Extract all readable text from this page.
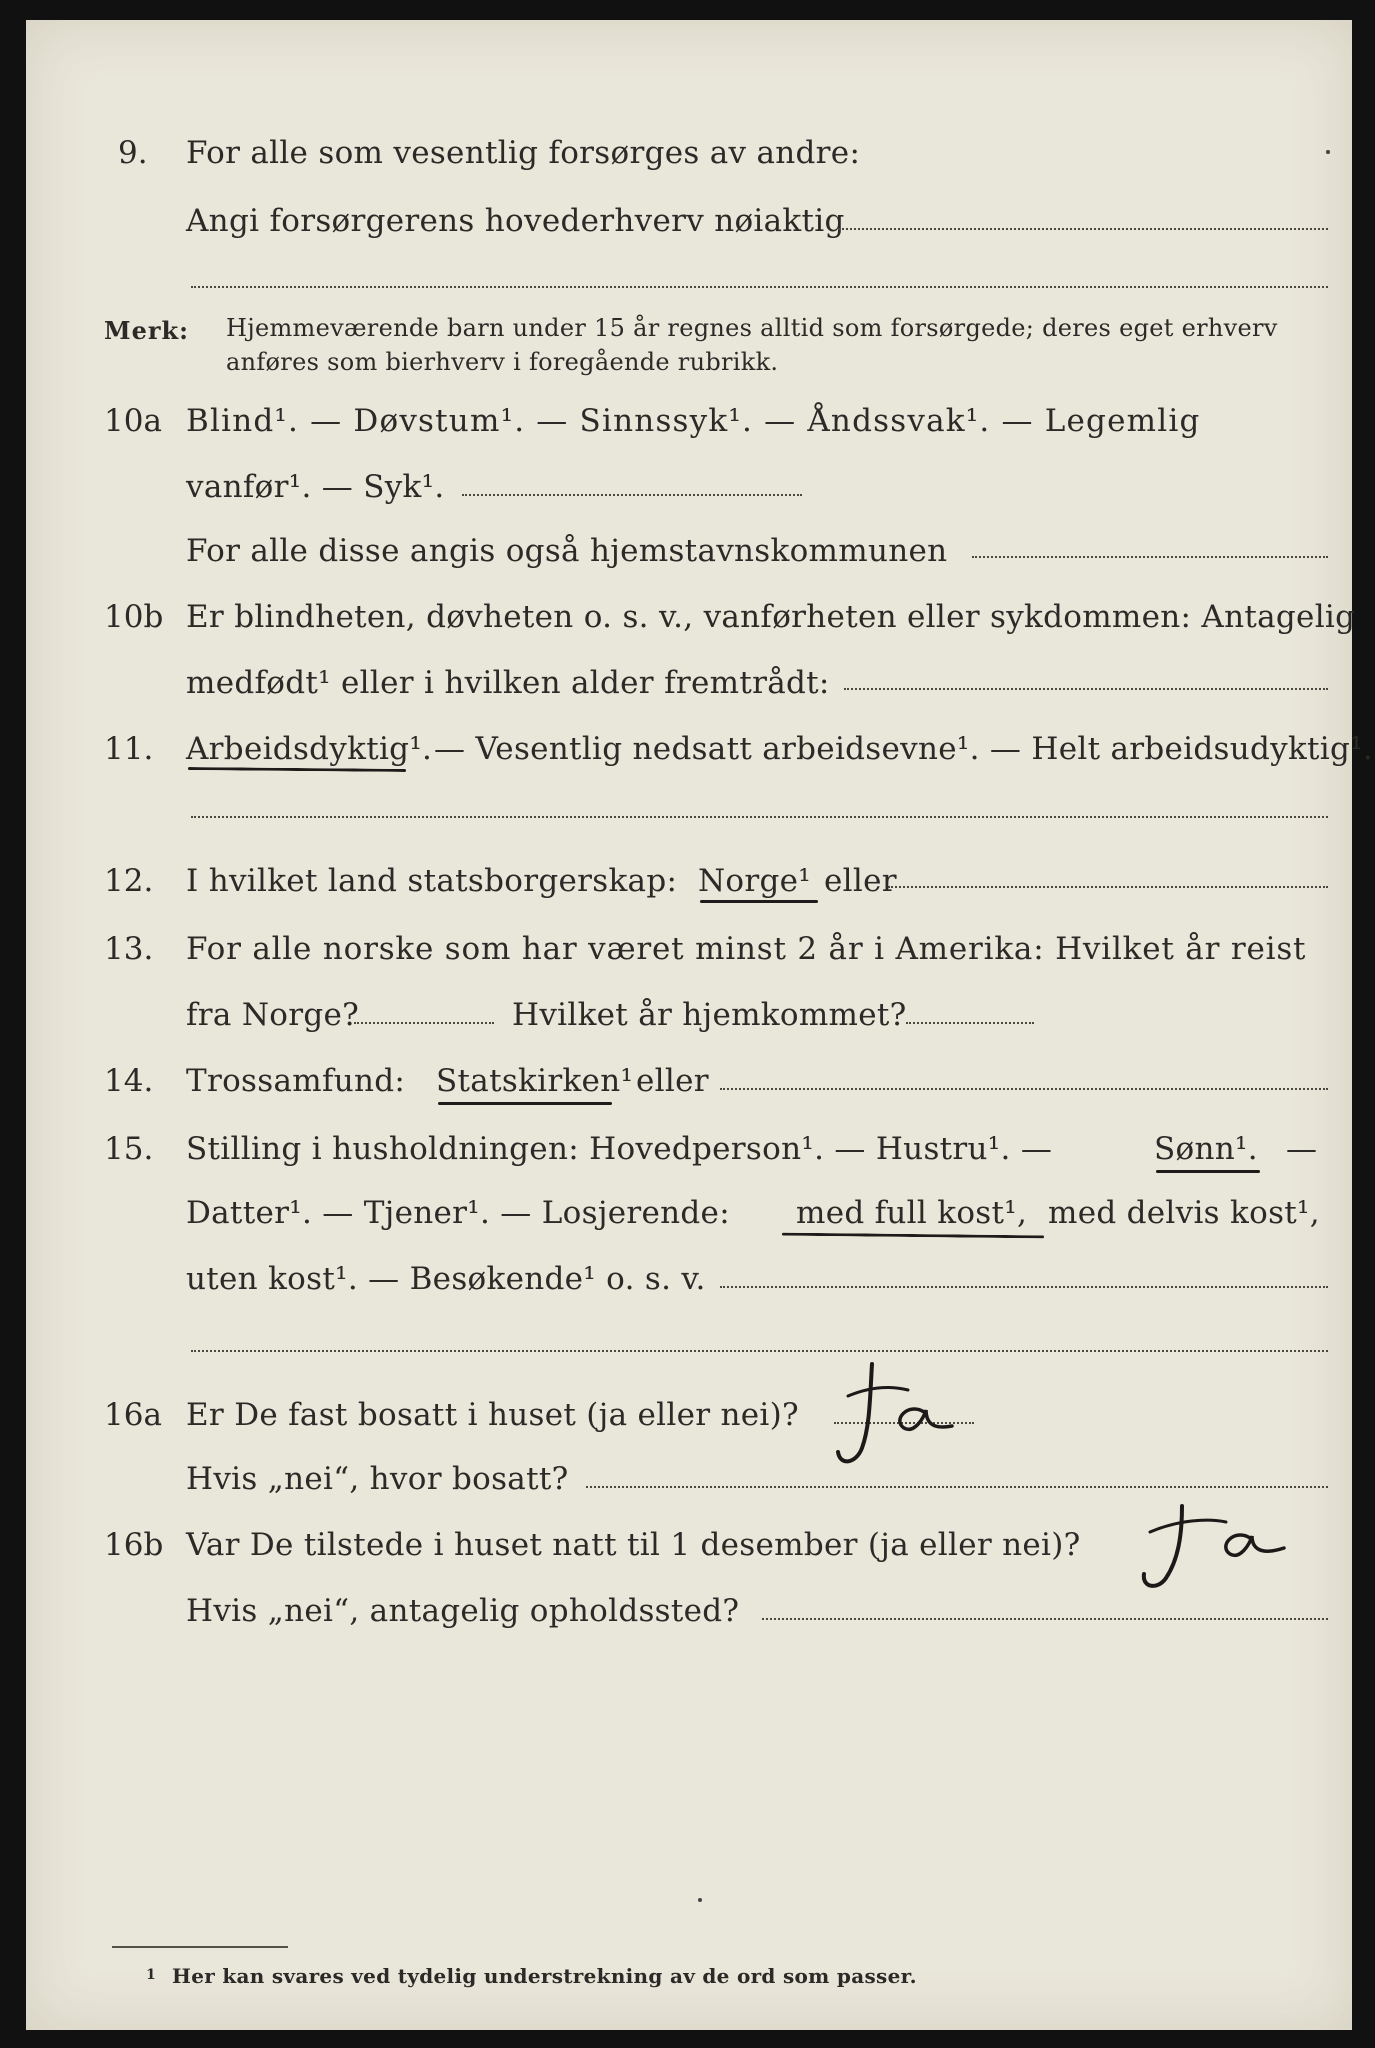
9. For alle som vesentlig forsørges av andre:
Angi forsørgerens hovederhverv nøiaktig
Merk: Hjemmeværende barn under 15 år regnes alltid som forsørgede; deres eget erhverv
anføres som bierhverv i foregående rubrikk.
10a Blind¹. — Døvstum¹. — Sinnssyk¹. — Åndssvak¹. — Legemlig
vanfør¹. — Syk¹.
For alle disse angis også hjemstavnskommunen
10b Er blindheten, døvheten o. s. v., vanførheten eller sykdommen: Antagelig
medfødt¹ eller i hvilken alder fremtrådt:
11. Arbeidsdyktig¹. — Vesentlig nedsatt arbeidsevne¹. — Helt arbeidsudyktig¹.
12. I hvilket land statsborgerskap: Norge¹ eller
13. For alle norske som har været minst 2 år i Amerika: Hvilket år reist
fra Norge?	Hvilket år hjemkommet?
14. Trossamfund: Statskirken¹ eller
15. Stilling i husholdningen: Hovedperson¹. — Hustru¹. —	Sønn¹. —
Datter¹. — Tjener¹. — Losjerende: med full kost¹, med delvis kost¹,
uten kost¹. — Besøkende¹ o. s. v.
16a Er De fast bosatt i huset (ja eller nei)?
Hvis „nei“, hvor bosatt?
16b Var De tilstede i huset natt til 1 desember (ja eller nei)?
Hvis „nei“, antagelig opholdssted?
1 Her kan svares ved tydelig understrekning av de ord som passer.
